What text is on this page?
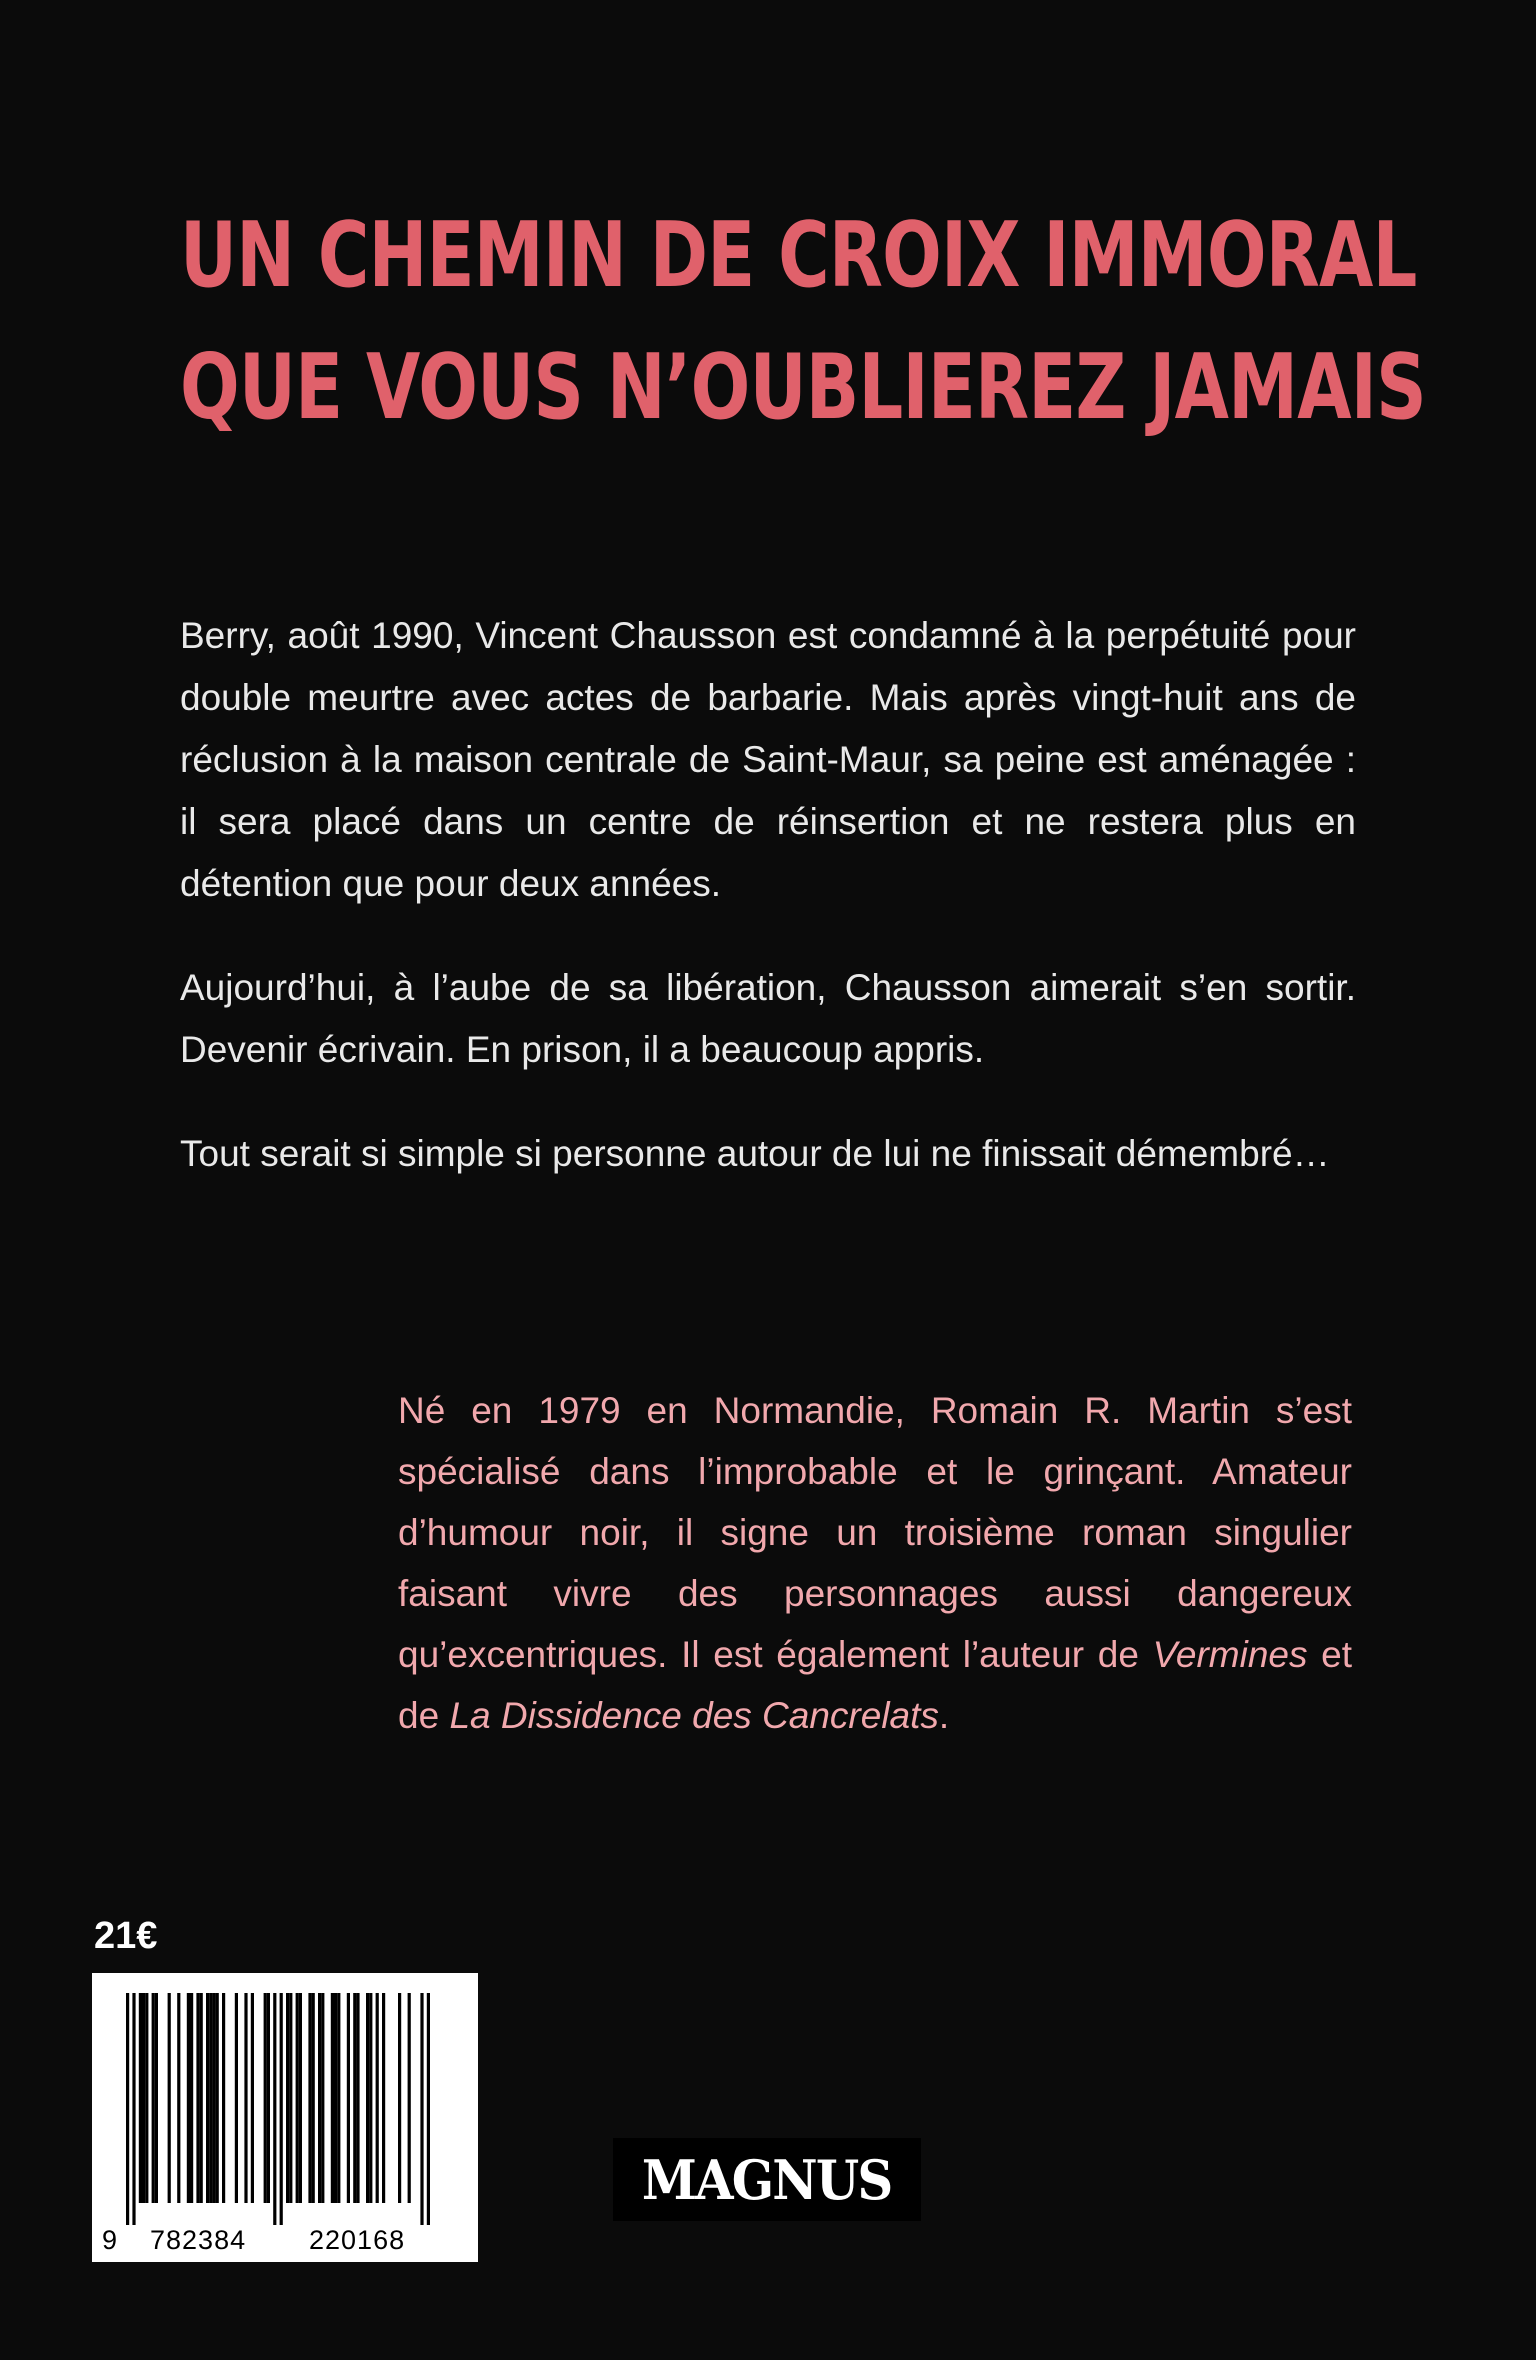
UN CHEMIN DE CROIX IMMORAL
QUE VOUS N’OUBLIEREZ JAMAIS

Berry, août 1990, Vincent Chausson est condamné à la perpétuité pour double meurtre avec actes de barbarie. Mais après vingt-huit ans de réclusion à la maison centrale de Saint-Maur, sa peine est aménagée : il sera placé dans un centre de réinsertion et ne restera plus en détention que pour deux années.

Aujourd’hui, à l’aube de sa libération, Chausson aimerait s’en sortir. Devenir écrivain. En prison, il a beaucoup appris.

Tout serait si simple si personne autour de lui ne finissait démembré…

Né en 1979 en Normandie, Romain R. Martin s’est spécialisé dans l’improbable et le grinçant. Amateur d’humour noir, il signe un troisième roman singulier faisant vivre des personnages aussi dangereux qu’excentriques. Il est également l’auteur de Vermines et de La Dissidence des Cancrelats.

21€
9 782384 220168
MAGNUS
